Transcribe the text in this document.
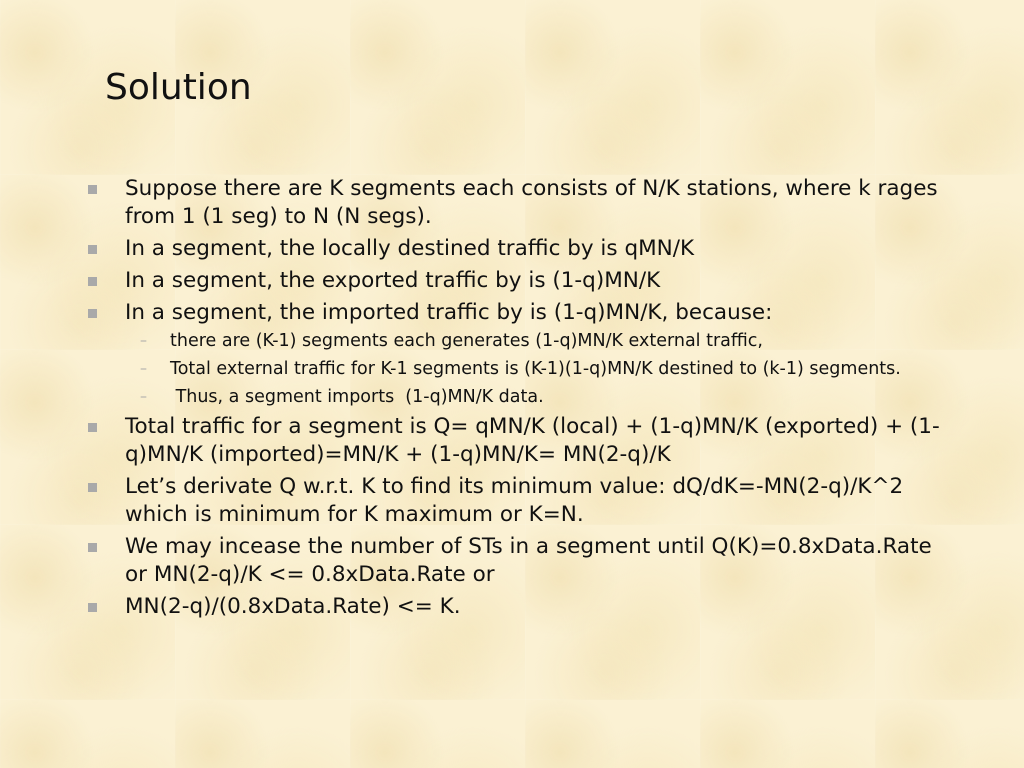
Solution
Suppose there are K segments each consists of N/K stations, where k rages from 1 (1 seg) to N (N segs).
In a segment, the locally destined traffic by is qMN/K
In a segment, the exported traffic by is (1-q)MN/K
In a segment, the imported traffic by is (1-q)MN/K, because:
– there are (K-1) segments each generates (1-q)MN/K external traffic,
– Total external traffic for K-1 segments is (K-1)(1-q)MN/K destined to (k-1) segments.
– Thus, a segment imports  (1-q)MN/K data.
Total traffic for a segment is Q= qMN/K (local) + (1-q)MN/K (exported) + (1-q)MN/K (imported)=MN/K + (1-q)MN/K= MN(2-q)/K
Let’s derivate Q w.r.t. K to find its minimum value: dQ/dK=-MN(2-q)/K^2 which is minimum for K maximum or K=N.
We may incease the number of STs in a segment until Q(K)=0.8xData.Rate or MN(2-q)/K <= 0.8xData.Rate or
MN(2-q)/(0.8xData.Rate) <= K.
